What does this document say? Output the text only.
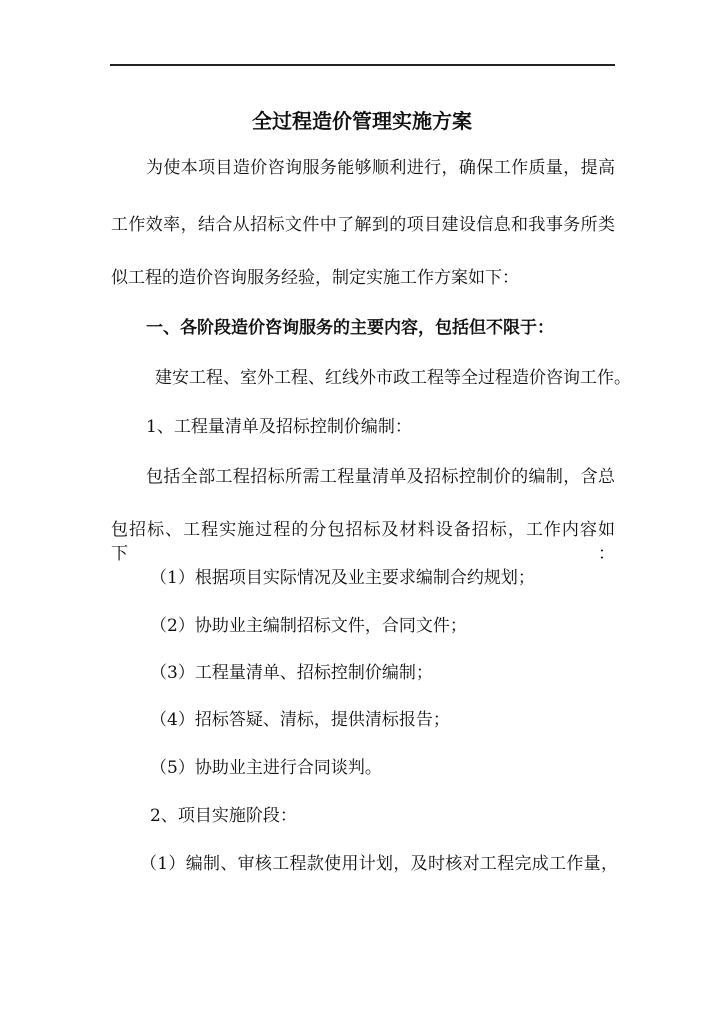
全过程造价管理实施方案
为使本项目造价咨询服务能够顺利进行，确保工作质量，提高
工作效率，结合从招标文件中了解到的项目建设信息和我事务所类
似工程的造价咨询服务经验，制定实施工作方案如下：
一、各阶段造价咨询服务的主要内容，包括但不限于：
建安工程、室外工程、红线外市政工程等全过程造价咨询工作。
1、工程量清单及招标控制价编制：
包括全部工程招标所需工程量清单及招标控制价的编制，含总
包招标、工程实施过程的分包招标及材料设备招标，工作内容如下：
（1）根据项目实际情况及业主要求编制合约规划；
（2）协助业主编制招标文件，合同文件；
（3）工程量清单、招标控制价编制；
（4）招标答疑、清标，提供清标报告；
（5）协助业主进行合同谈判。
2、项目实施阶段：
（1）编制、审核工程款使用计划，及时核对工程完成工作量，
